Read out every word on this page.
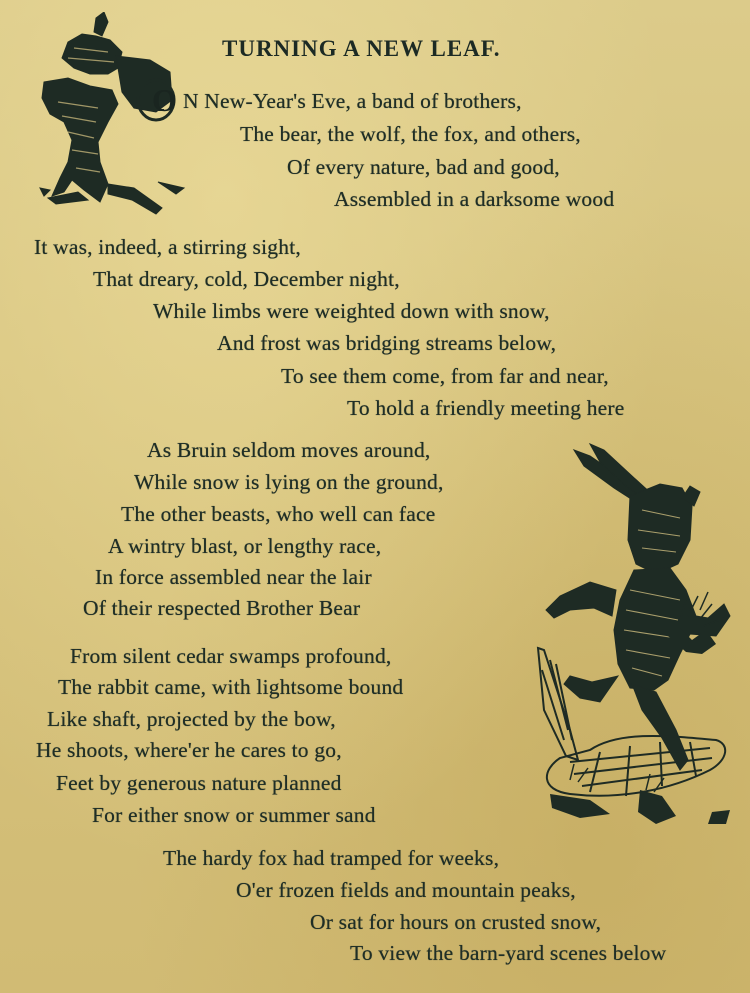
TURNING A NEW LEAF.
O N New-Year's Eve, a band of brothers,
The bear, the wolf, the fox, and others,
Of every nature, bad and good,
Assembled in a darksome wood
It was, indeed, a stirring sight,
That dreary, cold, December night,
While limbs were weighted down with snow,
And frost was bridging streams below,
To see them come, from far and near,
To hold a friendly meeting here
As Bruin seldom moves around,
While snow is lying on the ground,
The other beasts, who well can face
A wintry blast, or lengthy race,
In force assembled near the lair
Of their respected Brother Bear
From silent cedar swamps profound,
The rabbit came, with lightsome bound
Like shaft, projected by the bow,
He shoots, where'er he cares to go,
Feet by generous nature planned
For either snow or summer sand
The hardy fox had tramped for weeks,
O'er frozen fields and mountain peaks,
Or sat for hours on crusted snow,
To view the barn-yard scenes below
